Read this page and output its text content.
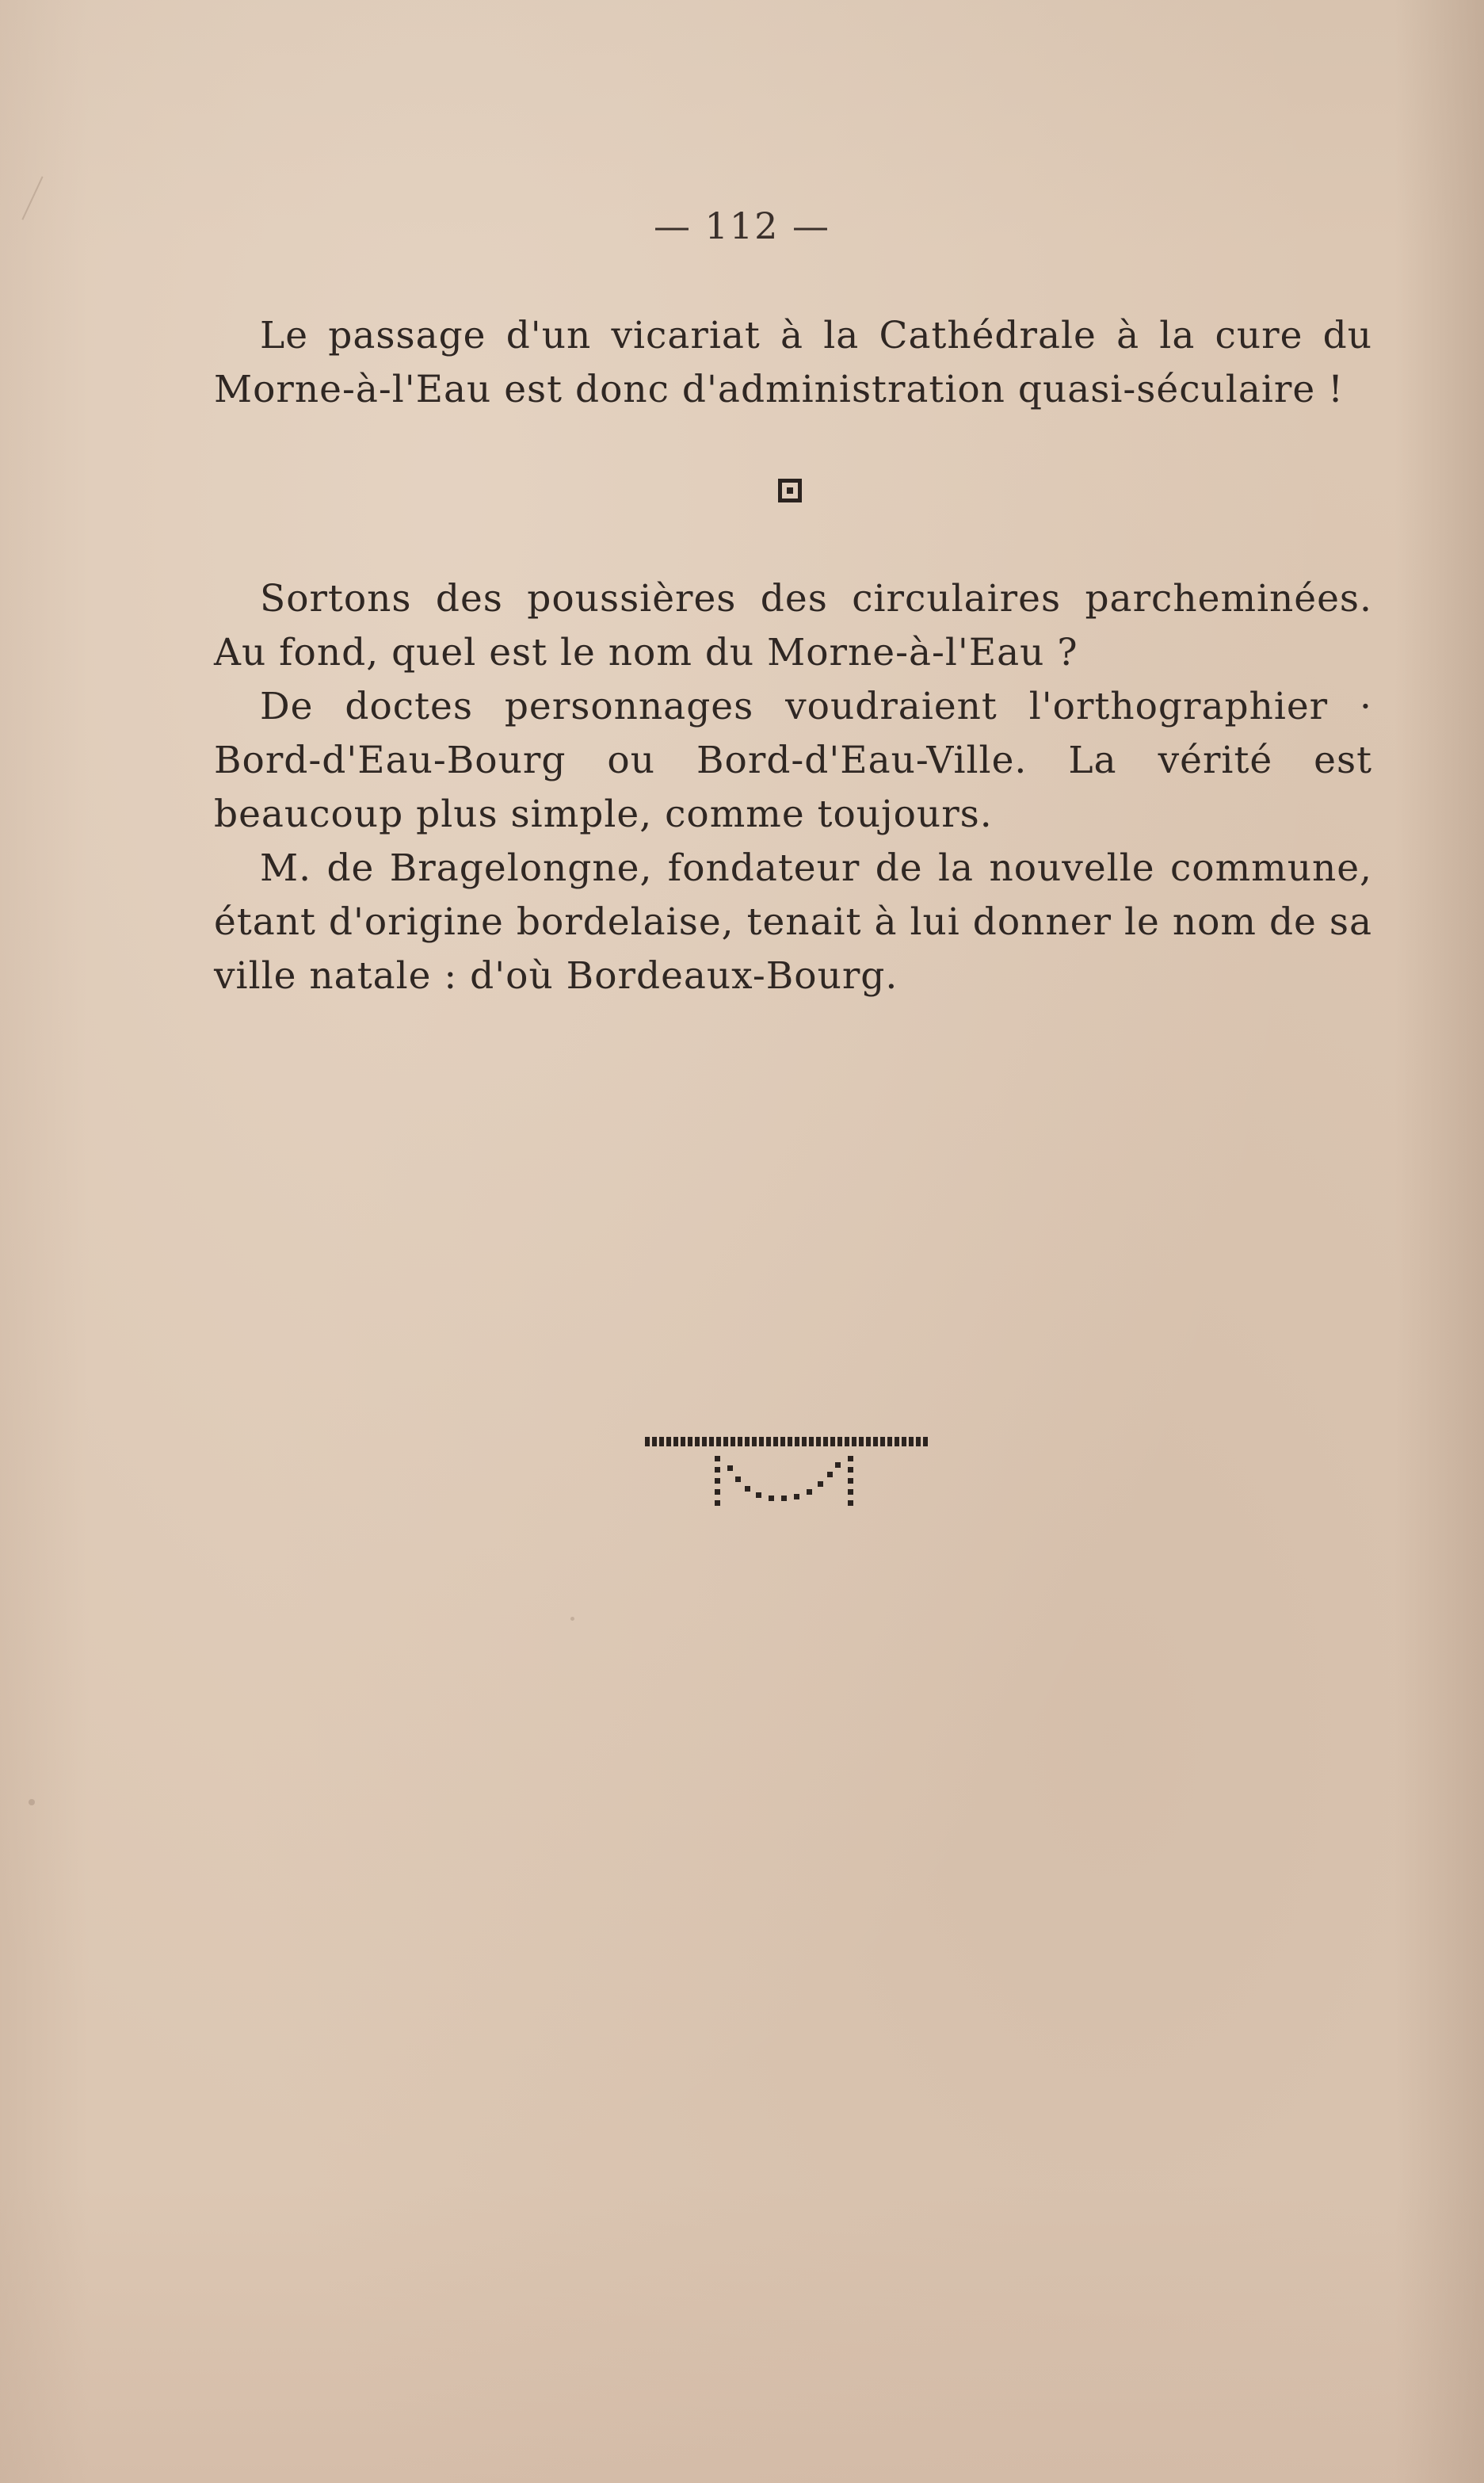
— 112 —

Le passage d'un vicariat à la Cathédrale à la cure du Morne-à-l'Eau est donc d'administration quasi-séculaire !

Sortons des poussières des circulaires parcheminées. Au fond, quel est le nom du Morne-à-l'Eau ?

De doctes personnages voudraient l'orthographier · Bord-d'Eau-Bourg ou Bord-d'Eau-Ville. La vérité est beaucoup plus simple, comme toujours.

M. de Bragelongne, fondateur de la nouvelle commune, étant d'origine bordelaise, tenait à lui donner le nom de sa ville natale : d'où Bordeaux-Bourg.
